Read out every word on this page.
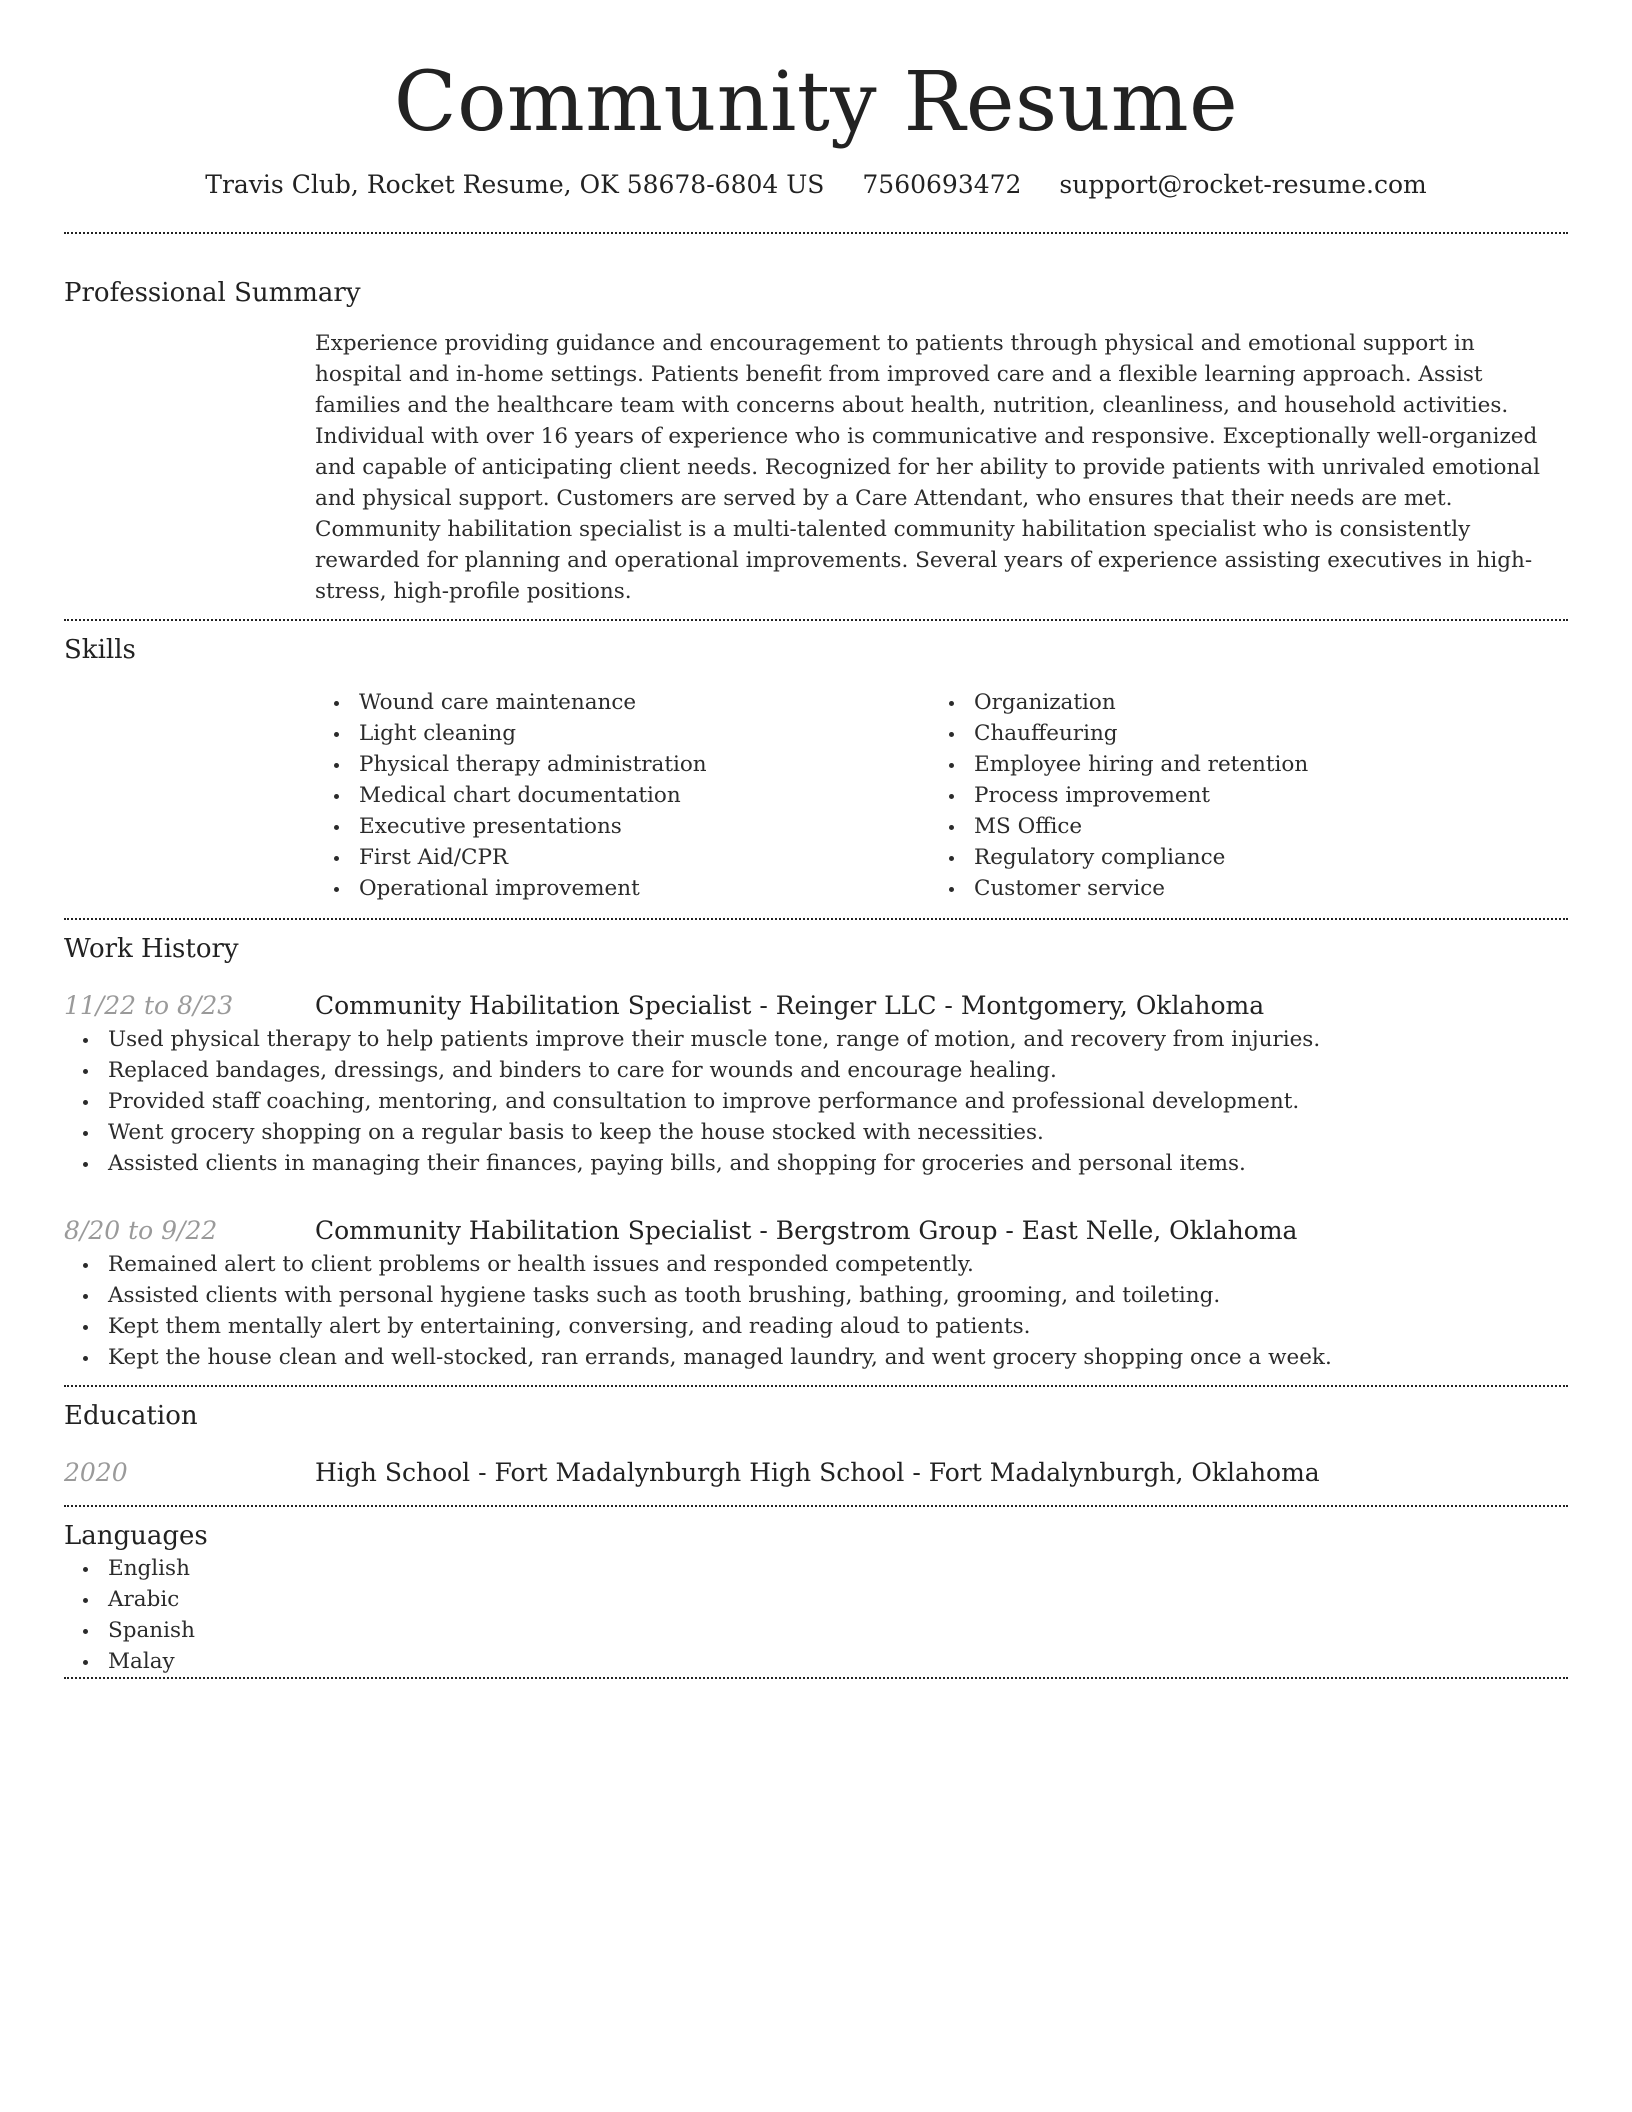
Community Resume
Travis Club, Rocket Resume, OK 58678-6804 US 7560693472 support@rocket-resume.com
Professional Summary

Experience providing guidance and encouragement to patients through physical and emotional support in hospital and in-home settings. Patients benefit from improved care and a flexible learning approach. Assist families and the healthcare team with concerns about health, nutrition, cleanliness, and household activities. Individual with over 16 years of experience who is communicative and responsive. Exceptionally well-organized and capable of anticipating client needs. Recognized for her ability to provide patients with unrivaled emotional and physical support. Customers are served by a Care Attendant, who ensures that their needs are met. Community habilitation specialist is a multi-talented community habilitation specialist who is consistently rewarded for planning and operational improvements. Several years of experience assisting executives in high-stress, high-profile positions.

Skills
Wound care maintenance
Light cleaning
Physical therapy administration
Medical chart documentation
Executive presentations
First Aid/CPR
Operational improvement
Organization
Chauffeuring
Employee hiring and retention
Process improvement
MS Office
Regulatory compliance
Customer service
Work History
11/22 to 8/23	Community Habilitation Specialist - Reinger LLC - Montgomery, Oklahoma
Used physical therapy to help patients improve their muscle tone, range of motion, and recovery from injuries.
Replaced bandages, dressings, and binders to care for wounds and encourage healing.
Provided staff coaching, mentoring, and consultation to improve performance and professional development.
Went grocery shopping on a regular basis to keep the house stocked with necessities.
Assisted clients in managing their finances, paying bills, and shopping for groceries and personal items.
8/20 to 9/22	Community Habilitation Specialist - Bergstrom Group - East Nelle, Oklahoma
Remained alert to client problems or health issues and responded competently.
Assisted clients with personal hygiene tasks such as tooth brushing, bathing, grooming, and toileting.
Kept them mentally alert by entertaining, conversing, and reading aloud to patients.
Kept the house clean and well-stocked, ran errands, managed laundry, and went grocery shopping once a week.
Education
2020	High School - Fort Madalynburgh High School - Fort Madalynburgh, Oklahoma
Languages
English
Arabic
Spanish
Malay
